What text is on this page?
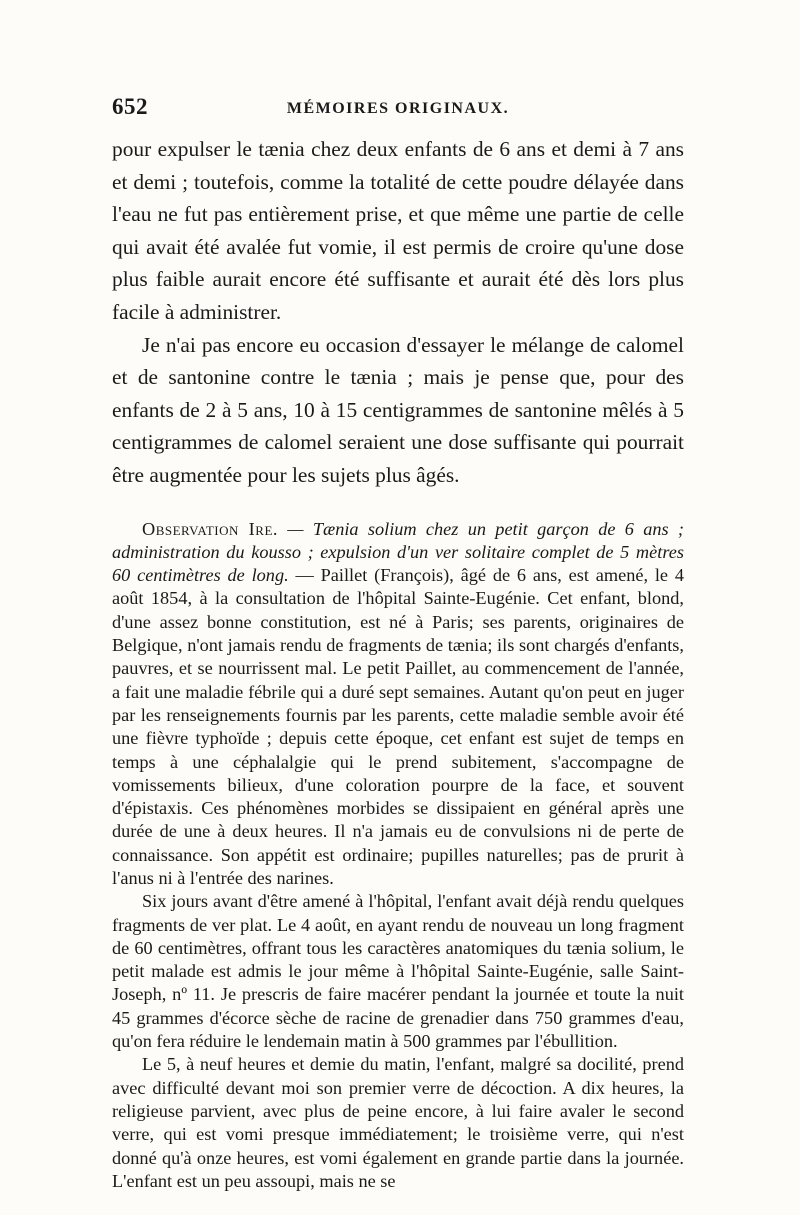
652	MÉMOIRES ORIGINAUX.

pour expulser le tænia chez deux enfants de 6 ans et demi à 7 ans et demi ; toutefois, comme la totalité de cette poudre délayée dans l'eau ne fut pas entièrement prise, et que même une partie de celle qui avait été avalée fut vomie, il est permis de croire qu'une dose plus faible aurait encore été suffisante et aurait été dès lors plus facile à administrer.

Je n'ai pas encore eu occasion d'essayer le mélange de calomel et de santonine contre le tænia ; mais je pense que, pour des enfants de 2 à 5 ans, 10 à 15 centigrammes de santonine mêlés à 5 centigrammes de calomel seraient une dose suffisante qui pourrait être augmentée pour les sujets plus âgés.

Observation Ire. — Tænia solium chez un petit garçon de 6 ans ; administration du kousso ; expulsion d'un ver solitaire complet de 5 mètres 60 centimètres de long. — Paillet (François), âgé de 6 ans, est amené, le 4 août 1854, à la consultation de l'hôpital Sainte-Eugénie. Cet enfant, blond, d'une assez bonne constitution, est né à Paris; ses parents, originaires de Belgique, n'ont jamais rendu de fragments de tænia; ils sont chargés d'enfants, pauvres, et se nourrissent mal. Le petit Paillet, au commencement de l'année, a fait une maladie fébrile qui a duré sept semaines. Autant qu'on peut en juger par les renseignements fournis par les parents, cette maladie semble avoir été une fièvre typhoïde ; depuis cette époque, cet enfant est sujet de temps en temps à une céphalalgie qui le prend subitement, s'accompagne de vomissements bilieux, d'une coloration pourpre de la face, et souvent d'épistaxis. Ces phénomènes morbides se dissipaient en général après une durée de une à deux heures. Il n'a jamais eu de convulsions ni de perte de connaissance. Son appétit est ordinaire; pupilles naturelles; pas de prurit à l'anus ni à l'entrée des narines.

Six jours avant d'être amené à l'hôpital, l'enfant avait déjà rendu quelques fragments de ver plat. Le 4 août, en ayant rendu de nouveau un long fragment de 60 centimètres, offrant tous les caractères anatomiques du tænia solium, le petit malade est admis le jour même à l'hôpital Sainte-Eugénie, salle Saint-Joseph, nº 11. Je prescris de faire macérer pendant la journée et toute la nuit 45 grammes d'écorce sèche de racine de grenadier dans 750 grammes d'eau, qu'on fera réduire le lendemain matin à 500 grammes par l'ébullition.

Le 5, à neuf heures et demie du matin, l'enfant, malgré sa docilité, prend avec difficulté devant moi son premier verre de décoction. A dix heures, la religieuse parvient, avec plus de peine encore, à lui faire avaler le second verre, qui est vomi presque immédiatement; le troisième verre, qui n'est donné qu'à onze heures, est vomi également en grande partie dans la journée. L'enfant est un peu assoupi, mais ne se
